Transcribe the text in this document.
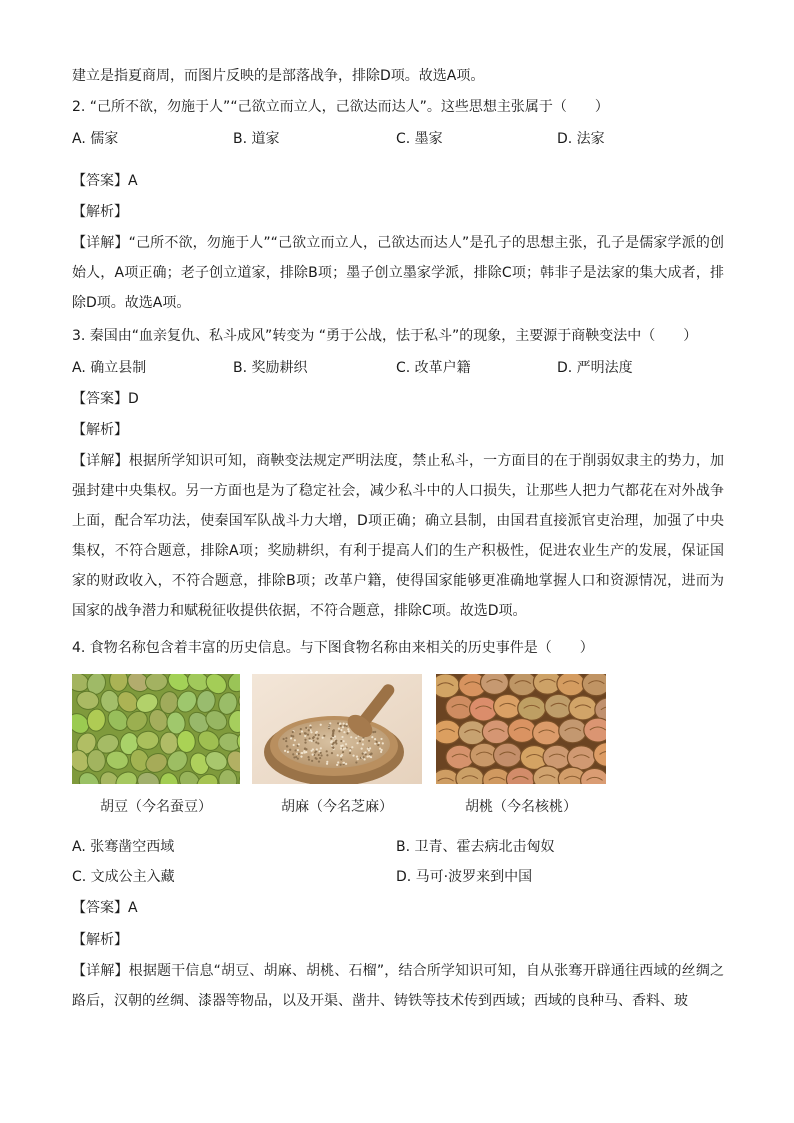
建立是指夏商周，而图片反映的是部落战争，排除D项。故选A项。
2. “己所不欲，勿施于人”“己欲立而立人，己欲达而达人”。这些思想主张属于（　　）
A. 儒家	B. 道家	C. 墨家	D. 法家
【答案】A
【解析】
【详解】“己所不欲，勿施于人”“己欲立而立人，己欲达而达人”是孔子的思想主张，孔子是儒家学派的创始人，A项正确；老子创立道家，排除B项；墨子创立墨家学派，排除C项；韩非子是法家的集大成者，排除D项。故选A项。
3. 秦国由“血亲复仇、私斗成风”转变为 “勇于公战，怯于私斗”的现象，主要源于商鞅变法中（　　）
A. 确立县制	B. 奖励耕织	C. 改革户籍	D. 严明法度
【答案】D
【解析】
【详解】根据所学知识可知，商鞅变法规定严明法度，禁止私斗，一方面目的在于削弱奴隶主的势力，加强封建中央集权。另一方面也是为了稳定社会，减少私斗中的人口损失，让那些人把力气都花在对外战争上面，配合军功法，使秦国军队战斗力大增，D项正确；确立县制，由国君直接派官吏治理，加强了中央集权，不符合题意，排除A项；奖励耕织，有利于提高人们的生产积极性，促进农业生产的发展，保证国家的财政收入，不符合题意，排除B项；改革户籍，使得国家能够更准确地掌握人口和资源情况，进而为国家的战争潜力和赋税征收提供依据，不符合题意，排除C项。故选D项。
4. 食物名称包含着丰富的历史信息。与下图食物名称由来相关的历史事件是（　　）
胡豆（今名蚕豆）	胡麻（今名芝麻）	胡桃（今名核桃）
A. 张骞凿空西域	B. 卫青、霍去病北击匈奴
C. 文成公主入藏	D. 马可·波罗来到中国
【答案】A
【解析】
【详解】根据题干信息“胡豆、胡麻、胡桃、石榴”，结合所学知识可知，自从张骞开辟通往西域的丝绸之路后，汉朝的丝绸、漆器等物品，以及开渠、凿井、铸铁等技术传到西域；西域的良种马、香料、玻
